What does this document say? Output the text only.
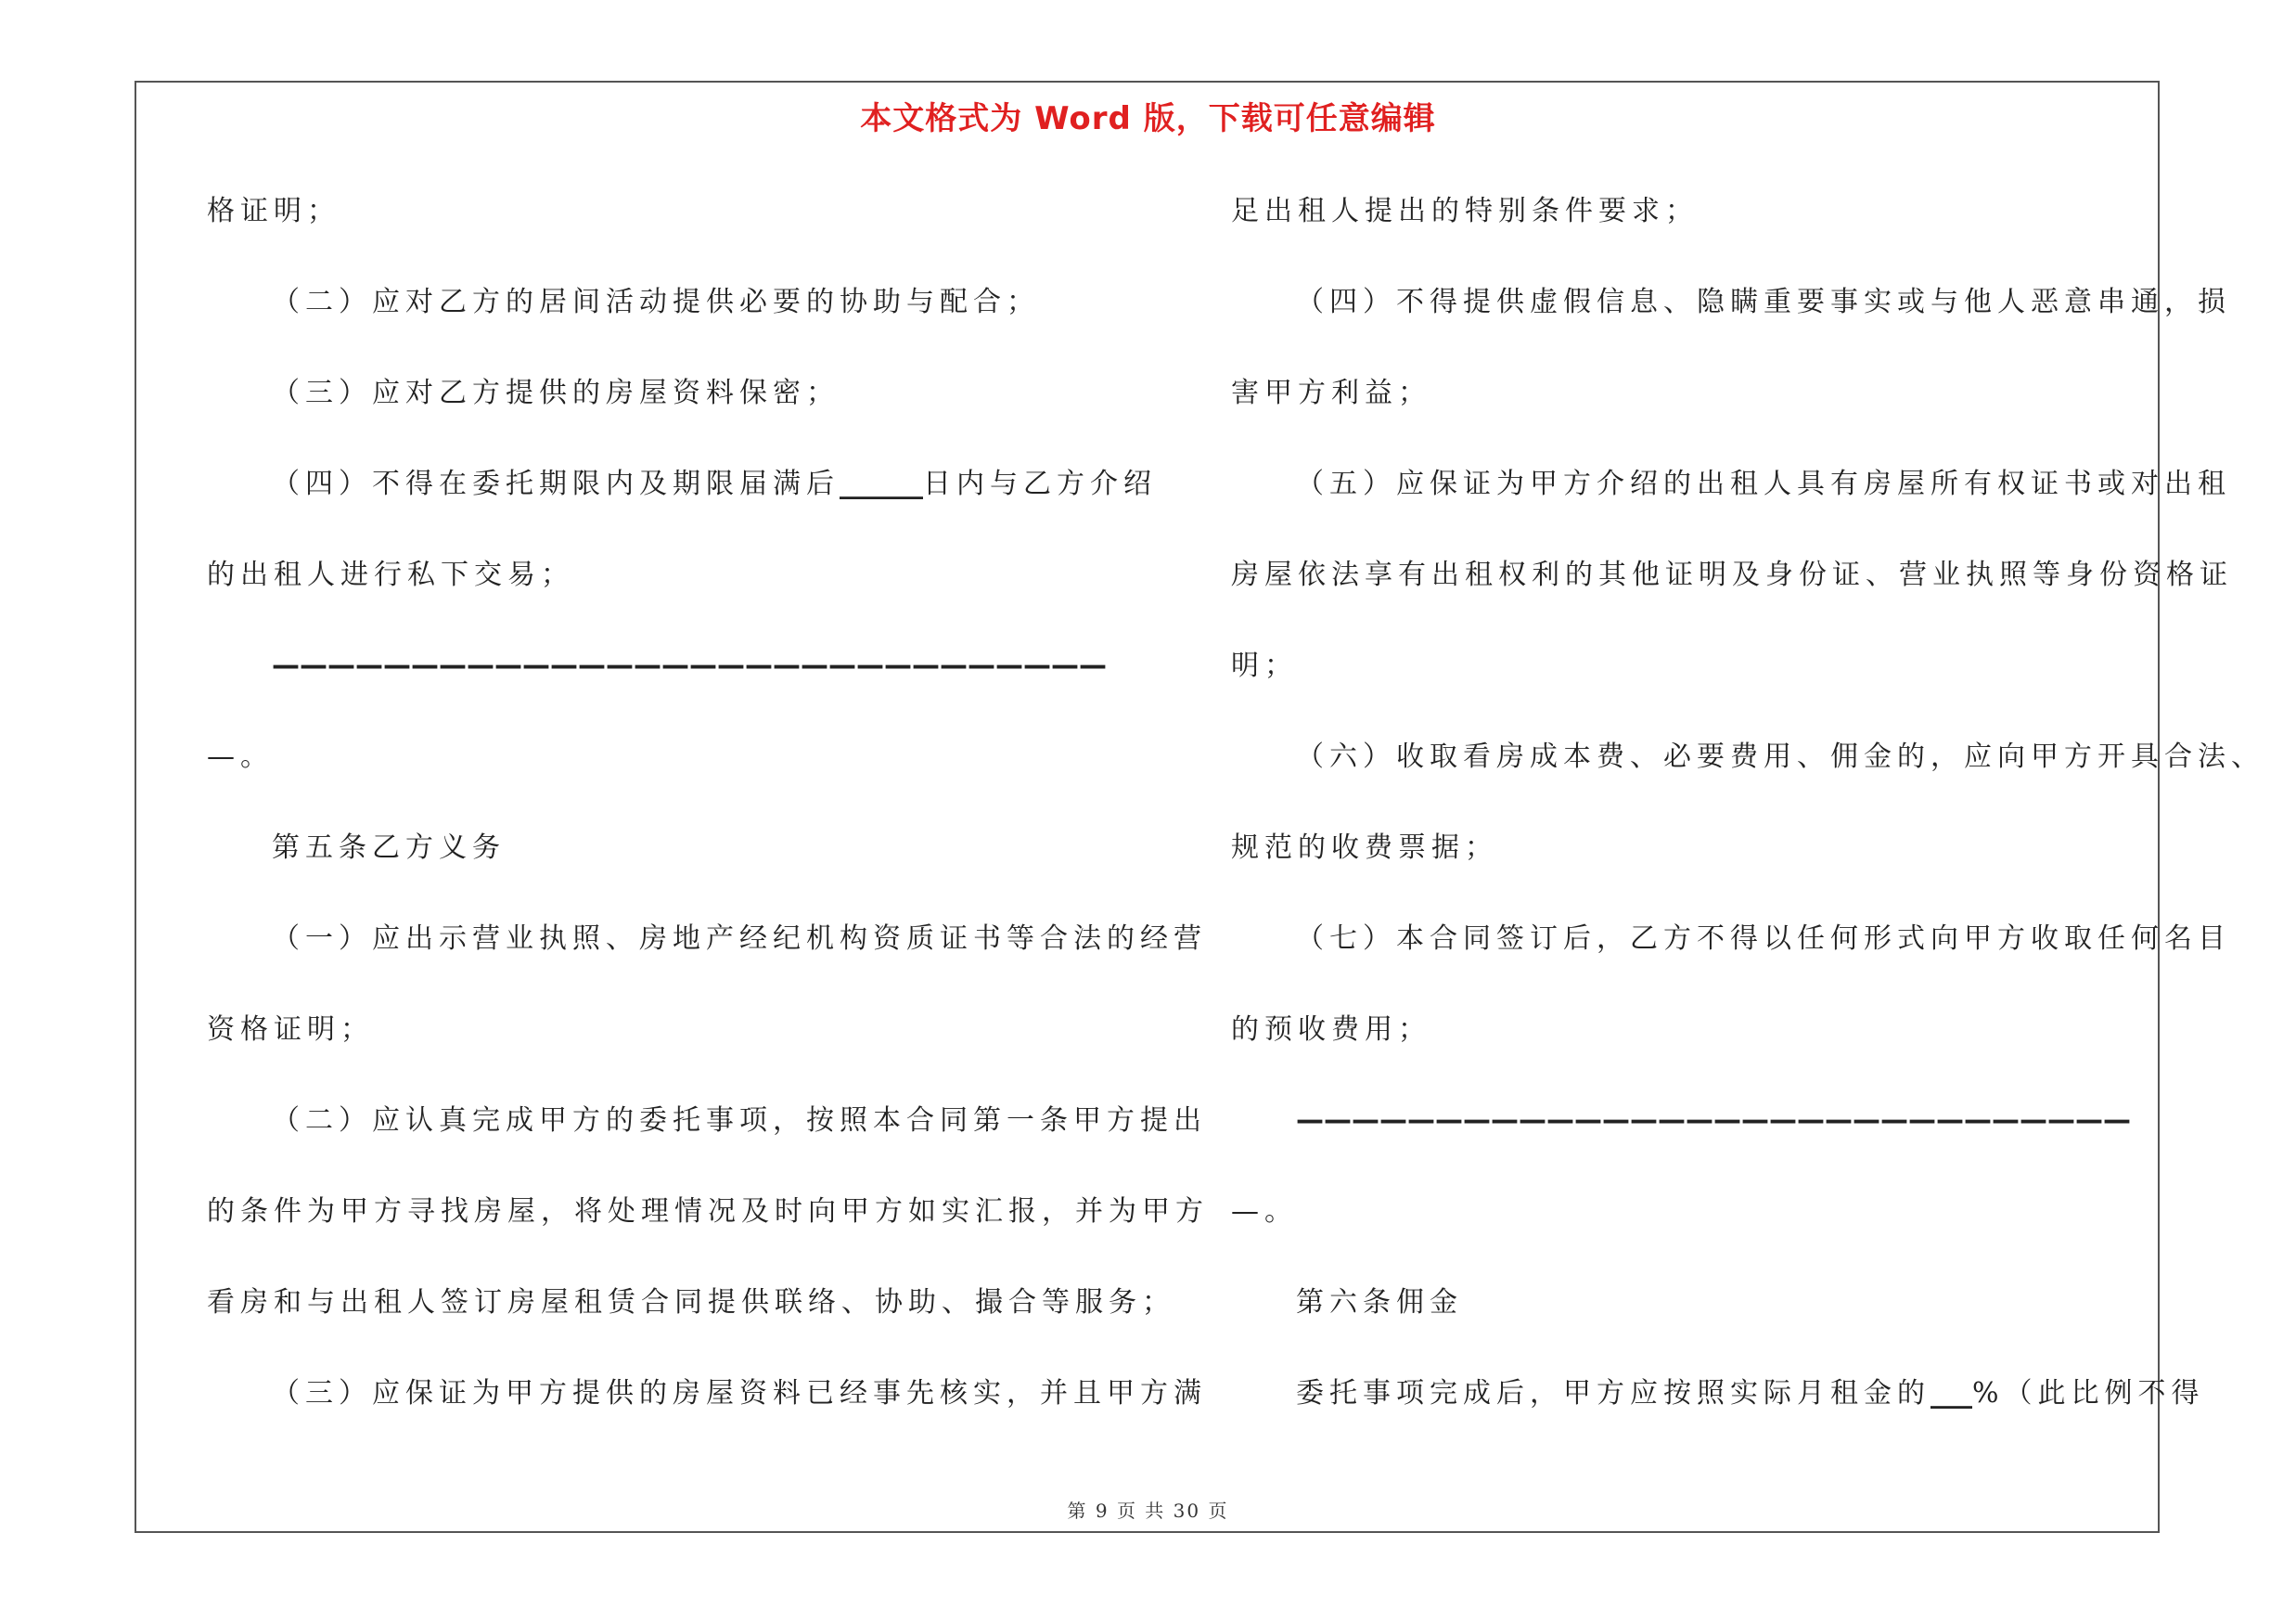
本文格式为 Word 版，下载可任意编辑
格证明；
（二）应对乙方的居间活动提供必要的协助与配合；
（三）应对乙方提供的房屋资料保密；
（四）不得在委托期限内及期限届满后______日内与乙方介绍
的出租人进行私下交易；
——————————————————————————————
—。
第五条乙方义务
（一）应出示营业执照、房地产经纪机构资质证书等合法的经营
资格证明；
（二）应认真完成甲方的委托事项，按照本合同第一条甲方提出
的条件为甲方寻找房屋，将处理情况及时向甲方如实汇报，并为甲方
看房和与出租人签订房屋租赁合同提供联络、协助、撮合等服务；
（三）应保证为甲方提供的房屋资料已经事先核实，并且甲方满
足出租人提出的特别条件要求；
（四）不得提供虚假信息、隐瞒重要事实或与他人恶意串通，损
害甲方利益；
（五）应保证为甲方介绍的出租人具有房屋所有权证书或对出租
房屋依法享有出租权利的其他证明及身份证、营业执照等身份资格证
明；
（六）收取看房成本费、必要费用、佣金的，应向甲方开具合法、
规范的收费票据；
（七）本合同签订后，乙方不得以任何形式向甲方收取任何名目
的预收费用；
——————————————————————————————
—。
第六条佣金
委托事项完成后，甲方应按照实际月租金的___%（此比例不得
第 9 页 共 30 页
